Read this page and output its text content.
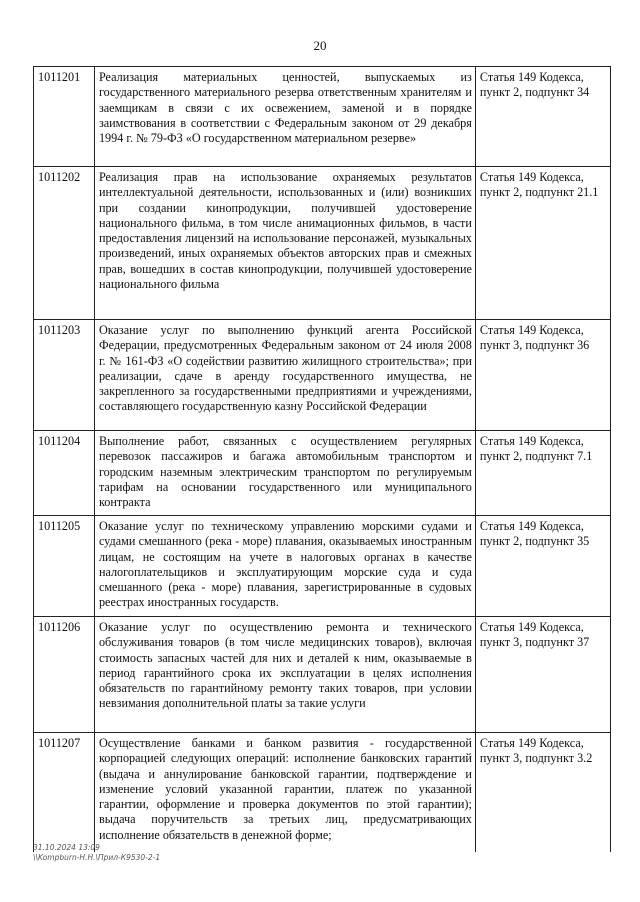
20
1011201	Реализация материальных ценностей, выпускаемых из государственного материального резерва ответственным хранителям и заемщикам в связи с их освежением, заменой и в порядке заимствования в соответствии с Федеральным законом от 29 декабря 1994 г. № 79-ФЗ «О государственном материальном резерве»	Статья 149 Кодекса, пункт 2, подпункт 34
1011202	Реализация прав на использование охраняемых результатов интеллектуальной деятельности, использованных и (или) возникших при создании кинопродукции, получившей удостоверение национального фильма, в том числе анимационных фильмов, в части предоставления лицензий на использование персонажей, музыкальных произведений, иных охраняемых объектов авторских прав и смежных прав, вошедших в состав кинопродукции, получившей удостоверение национального фильма	Статья 149 Кодекса, пункт 2, подпункт 21.1
1011203	Оказание услуг по выполнению функций агента Российской Федерации, предусмотренных Федеральным законом от 24 июля 2008 г. № 161-ФЗ «О содействии развитию жилищного строительства»; при реализации, сдаче в аренду государственного имущества, не закрепленного за государственными предприятиями и учреждениями, составляющего государственную казну Российской Федерации	Статья 149 Кодекса, пункт 3, подпункт 36
1011204	Выполнение работ, связанных с осуществлением регулярных перевозок пассажиров и багажа автомобильным транспортом и городским наземным электрическим транспортом по регулируемым тарифам на основании государственного или муниципального контракта	Статья 149 Кодекса, пункт 2, подпункт 7.1
1011205	Оказание услуг по техническому управлению морскими судами и судами смешанного (река - море) плавания, оказываемых иностранным лицам, не состоящим на учете в налоговых органах в качестве налогоплательщиков и эксплуатирующим морские суда и суда смешанного (река - море) плавания, зарегистрированные в судовых реестрах иностранных государств.	Статья 149 Кодекса, пункт 2, подпункт 35
1011206	Оказание услуг по осуществлению ремонта и технического обслуживания товаров (в том числе медицинских товаров), включая стоимость запасных частей для них и деталей к ним, оказываемые в период гарантийного срока их эксплуатации в целях исполнения обязательств по гарантийному ремонту таких товаров, при условии невзимания дополнительной платы за такие услуги	Статья 149 Кодекса, пункт 3, подпункт 37
1011207	Осуществление банками и банком развития - государственной корпорацией следующих операций: исполнение банковских гарантий (выдача и аннулирование банковской гарантии, подтверждение и изменение условий указанной гарантии, платеж по указанной гарантии, оформление и проверка документов по этой гарантии); выдача поручительств за третьих лиц, предусматривающих исполнение обязательств в денежной форме;	Статья 149 Кодекса, пункт 3, подпункт 3.2
31.10.2024 13:09
\\Kompburn-Н.Н.\Прил-К9530-2-1
